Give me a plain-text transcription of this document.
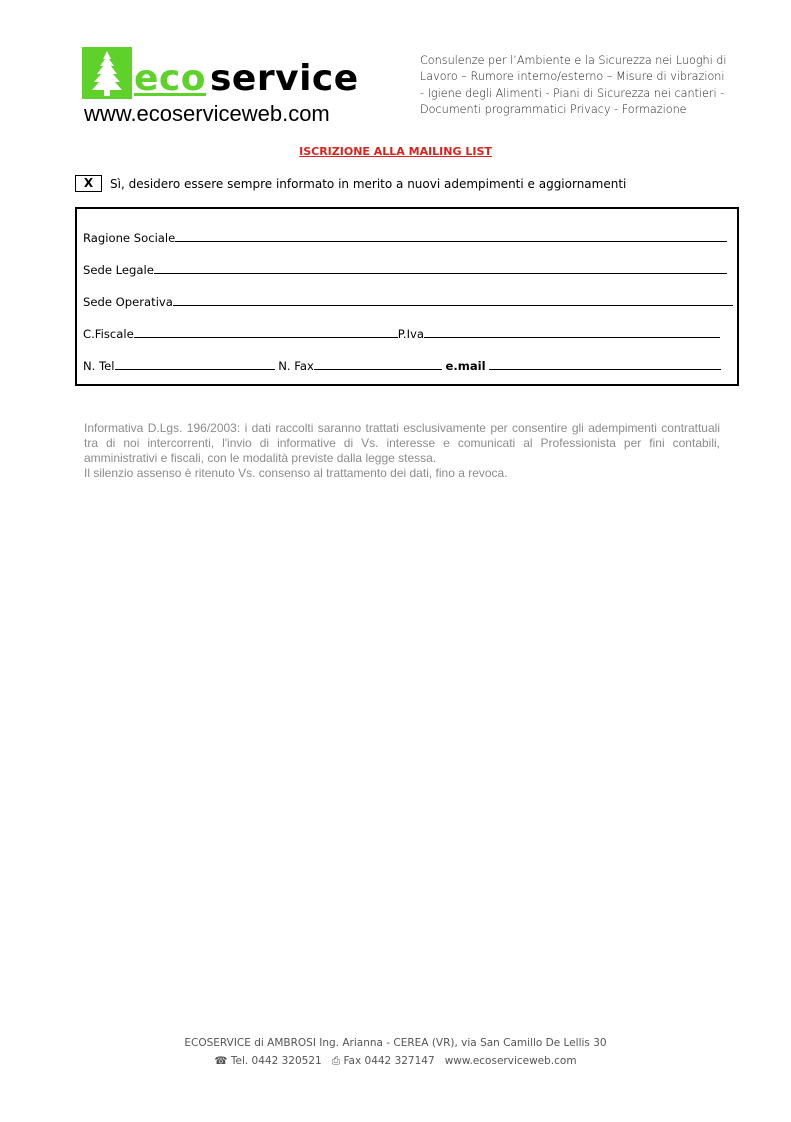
eco service
www.ecoserviceweb.com
Consulenze per l’Ambiente e la Sicurezza nei Luoghi di Lavoro – Rumore interno/esterno – Misure di vibrazioni - Igiene degli Alimenti - Piani di Sicurezza nei cantieri - Documenti programmatici Privacy - Formazione
ISCRIZIONE ALLA MAILING LIST
X	Sì, desidero essere sempre informato in merito a nuovi adempimenti e aggiornamenti
Ragione Sociale
Sede Legale
Sede Operativa
C.Fiscale	P.Iva
N. Tel	N. Fax	e.mail
Informativa D.Lgs. 196/2003: i dati raccolti saranno trattati esclusivamente per consentire gli adempimenti contrattuali tra di noi intercorrenti, l'invio di informative di Vs. interesse e comunicati al Professionista per fini contabili, amministrativi e fiscali, con le modalità previste dalla legge stessa.
Il silenzio assenso è ritenuto Vs. consenso al trattamento dei dati, fino a revoca.
ECOSERVICE di AMBROSI Ing. Arianna - CEREA (VR), via San Camillo De Lellis 30
☎ Tel. 0442 320521 ⎙ Fax 0442 327147 www.ecoserviceweb.com
